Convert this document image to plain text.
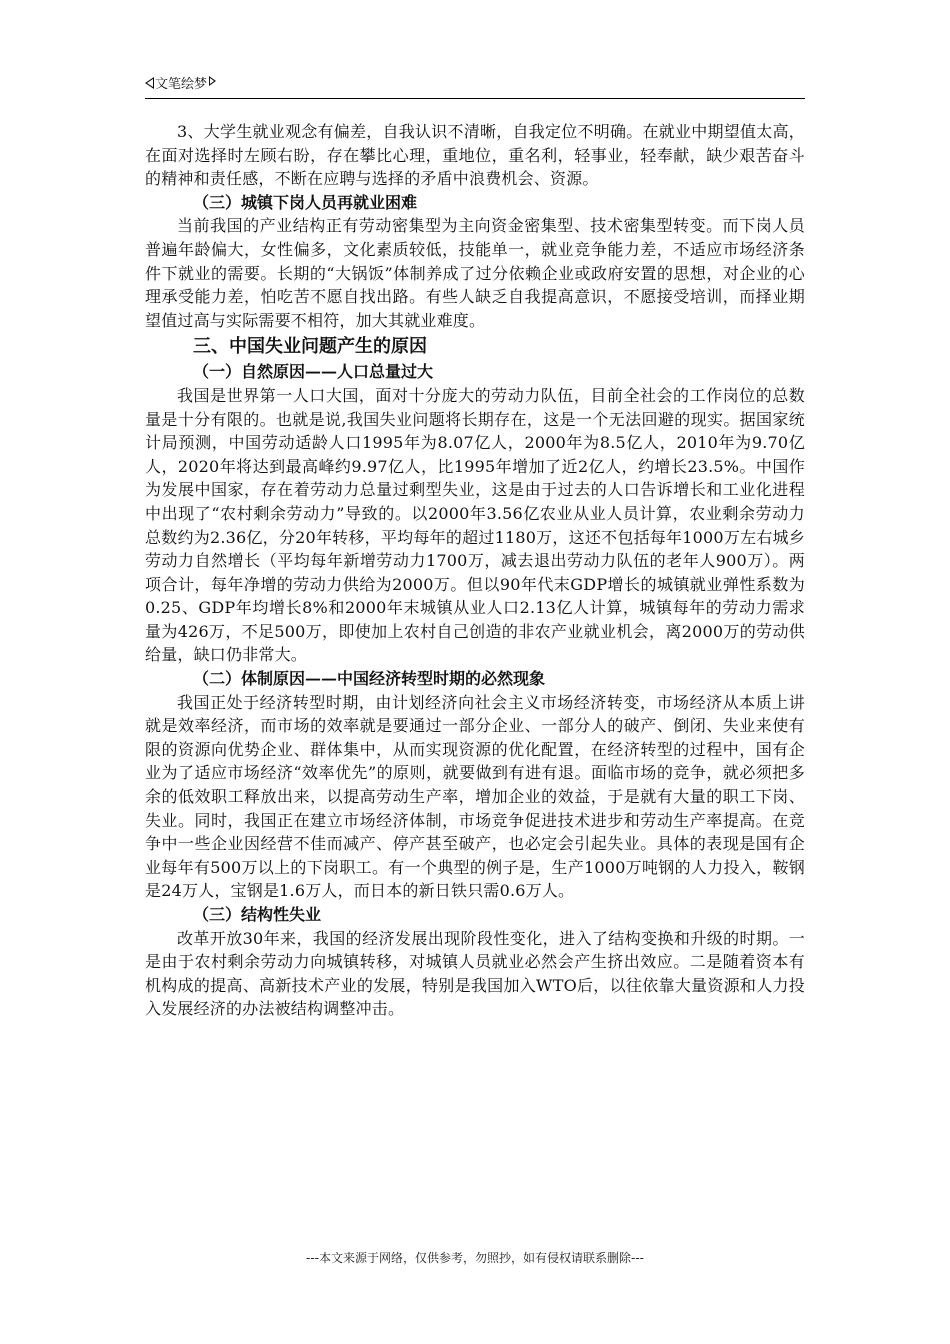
文笔绘梦

3、大学生就业观念有偏差，自我认识不清晰，自我定位不明确。在就业中期望值太高，在面对选择时左顾右盼，存在攀比心理，重地位，重名利，轻事业，轻奉献，缺少艰苦奋斗的精神和责任感，不断在应聘与选择的矛盾中浪费机会、资源。

（三）城镇下岗人员再就业困难

当前我国的产业结构正有劳动密集型为主向资金密集型、技术密集型转变。而下岗人员普遍年龄偏大，女性偏多，文化素质较低，技能单一，就业竞争能力差，不适应市场经济条件下就业的需要。长期的“大锅饭”体制养成了过分依赖企业或政府安置的思想，对企业的心理承受能力差，怕吃苦不愿自找出路。有些人缺乏自我提高意识，不愿接受培训，而择业期望值过高与实际需要不相符，加大其就业难度。

三、中国失业问题产生的原因

（一）自然原因——人口总量过大

我国是世界第一人口大国，面对十分庞大的劳动力队伍，目前全社会的工作岗位的总数量是十分有限的。也就是说,我国失业问题将长期存在，这是一个无法回避的现实。据国家统计局预测，中国劳动适龄人口1995年为8.07亿人，2000年为8.5亿人，2010年为9.70亿人，2020年将达到最高峰约9.97亿人，比1995年增加了近2亿人，约增长23.5%。中国作为发展中国家，存在着劳动力总量过剩型失业，这是由于过去的人口告诉增长和工业化进程中出现了“农村剩余劳动力”导致的。以2000年3.56亿农业从业人员计算，农业剩余劳动力总数约为2.36亿，分20年转移，平均每年的超过1180万，这还不包括每年1000万左右城乡劳动力自然增长（平均每年新增劳动力1700万，减去退出劳动力队伍的老年人900万）。两项合计，每年净增的劳动力供给为2000万。但以90年代末GDP增长的城镇就业弹性系数为0.25、GDP年均增长8%和2000年末城镇从业人口2.13亿人计算，城镇每年的劳动力需求量为426万，不足500万，即使加上农村自己创造的非农产业就业机会，离2000万的劳动供给量，缺口仍非常大。

（二）体制原因——中国经济转型时期的必然现象

我国正处于经济转型时期，由计划经济向社会主义市场经济转变，市场经济从本质上讲就是效率经济，而市场的效率就是要通过一部分企业、一部分人的破产、倒闭、失业来使有限的资源向优势企业、群体集中，从而实现资源的优化配置，在经济转型的过程中，国有企业为了适应市场经济“效率优先”的原则，就要做到有进有退。面临市场的竞争，就必须把多余的低效职工释放出来，以提高劳动生产率，增加企业的效益，于是就有大量的职工下岗、失业。同时，我国正在建立市场经济体制，市场竞争促进技术进步和劳动生产率提高。在竞争中一些企业因经营不佳而减产、停产甚至破产，也必定会引起失业。具体的表现是国有企业每年有500万以上的下岗职工。有一个典型的例子是，生产1000万吨钢的人力投入，鞍钢是24万人，宝钢是1.6万人，而日本的新日铁只需0.6万人。

（三）结构性失业

改革开放30年来，我国的经济发展出现阶段性变化，进入了结构变换和升级的时期。一是由于农村剩余劳动力向城镇转移，对城镇人员就业必然会产生挤出效应。二是随着资本有机构成的提高、高新技术产业的发展，特别是我国加入WTO后，以往依靠大量资源和人力投入发展经济的办法被结构调整冲击。

---本文来源于网络，仅供参考，勿照抄，如有侵权请联系删除---
